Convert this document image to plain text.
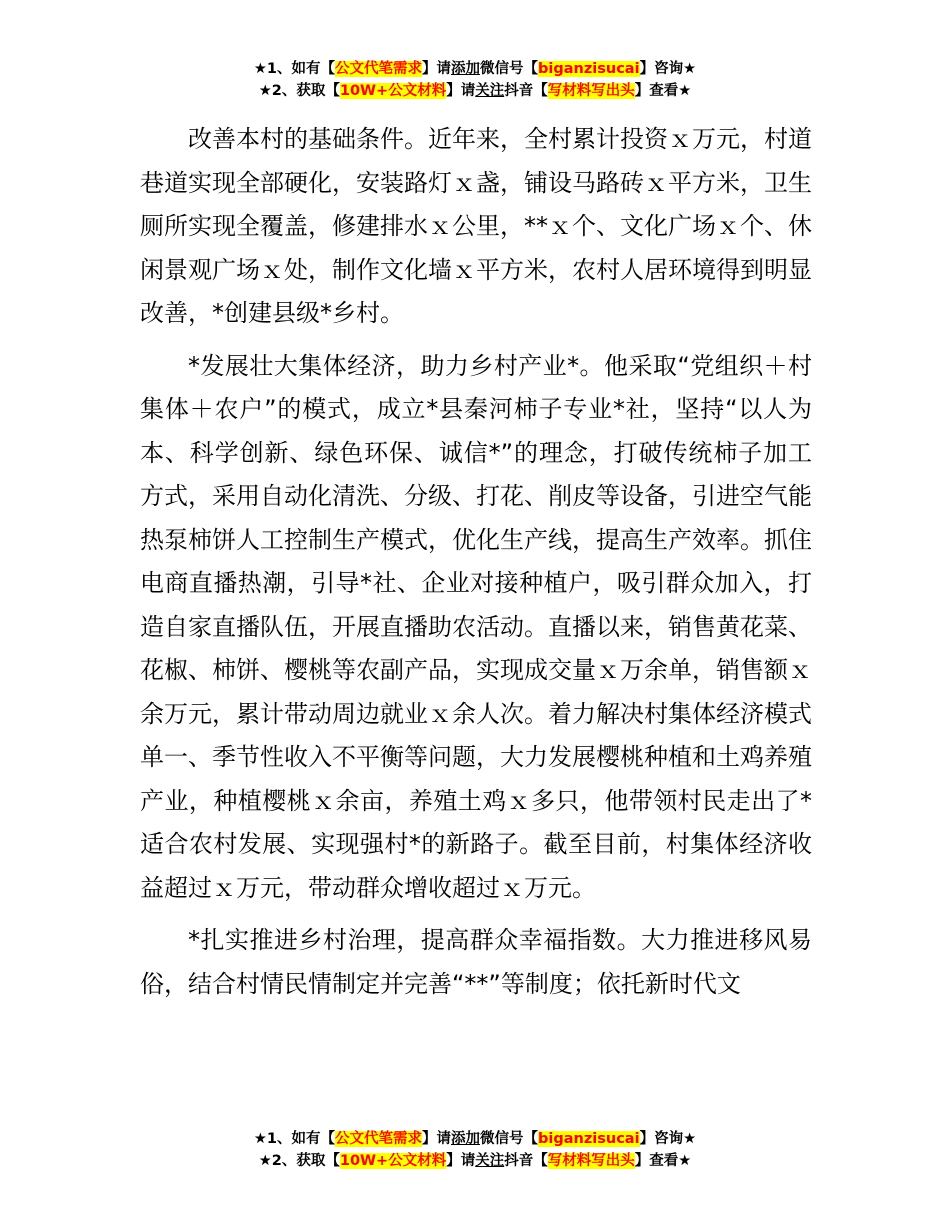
★1、如有【公文代笔需求】请添加微信号【biganzisucai】咨询★
★2、获取【10W+公文材料】请关注抖音【写材料写出头】查看★

改善本村的基础条件。近年来，全村累计投资ｘ万元，村道巷道实现全部硬化，安装路灯ｘ盏，铺设马路砖ｘ平方米，卫生厕所实现全覆盖，修建排水ｘ公里，**ｘ个、文化广场ｘ个、休闲景观广场ｘ处，制作文化墙ｘ平方米，农村人居环境得到明显改善，*创建县级*乡村。

*发展壮大集体经济，助力乡村产业*。他采取“党组织＋村集体＋农户”的模式，成立*县秦河柿子专业*社，坚持“以人为本、科学创新、绿色环保、诚信*”的理念，打破传统柿子加工方式，采用自动化清洗、分级、打花、削皮等设备，引进空气能热泵柿饼人工控制生产模式，优化生产线，提高生产效率。抓住电商直播热潮，引导*社、企业对接种植户，吸引群众加入，打造自家直播队伍，开展直播助农活动。直播以来，销售黄花菜、花椒、柿饼、樱桃等农副产品，实现成交量ｘ万余单，销售额ｘ余万元，累计带动周边就业ｘ余人次。着力解决村集体经济模式单一、季节性收入不平衡等问题，大力发展樱桃种植和土鸡养殖产业，种植樱桃ｘ余亩，养殖土鸡ｘ多只，他带领村民走出了*适合农村发展、实现强村*的新路子。截至目前，村集体经济收益超过ｘ万元，带动群众增收超过ｘ万元。

*扎实推进乡村治理，提高群众幸福指数。大力推进移风易俗，结合村情民情制定并完善“**”等制度；依托新时代文

★1、如有【公文代笔需求】请添加微信号【biganzisucai】咨询★
★2、获取【10W+公文材料】请关注抖音【写材料写出头】查看★
